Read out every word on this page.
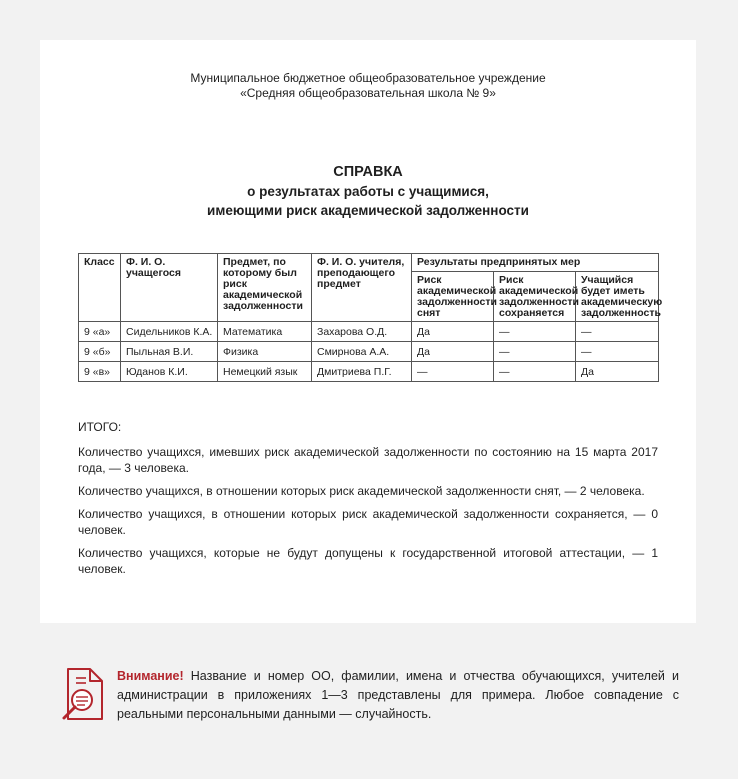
Муниципальное бюджетное общеобразовательное учреждение
«Средняя общеобразовательная школа № 9»
СПРАВКА
о результатах работы с учащимися,
имеющими риск академической задолженности
Класс	Ф. И. О. учащегося	Предмет, по которому был риск академической задолженности	Ф. И. О. учителя, преподающего предмет	Результаты предпринятых мер		
				Риск академической задолженности снят	Риск академической задолженности сохраняется	Учащийся будет иметь академическую задолженность
9 «а»	Сидельников К.А.	Математика	Захарова О.Д.	Да	—	—
9 «б»	Пыльная В.И.	Физика	Смирнова А.А.	Да	—	—
9 «в»	Юданов К.И.	Немецкий язык	Дмитриева П.Г.	—	—	Да

ИТОГО:

Количество учащихся, имевших риск академической задолженности по состоянию на 15 марта 2017 года, — 3 человека.

Количество учащихся, в отношении которых риск академической задолженности снят, — 2 человека.

Количество учащихся, в отношении которых риск академической задолженности сохраняется, — 0 человек.

Количество учащихся, которые не будут допущены к государственной итоговой аттестации, — 1 человек.

Внимание! Название и номер ОО, фамилии, имена и отчества обучающихся, учителей и администрации в приложениях 1—3 представлены для примера. Любое совпадение с реальными персональными данными — случайность.
